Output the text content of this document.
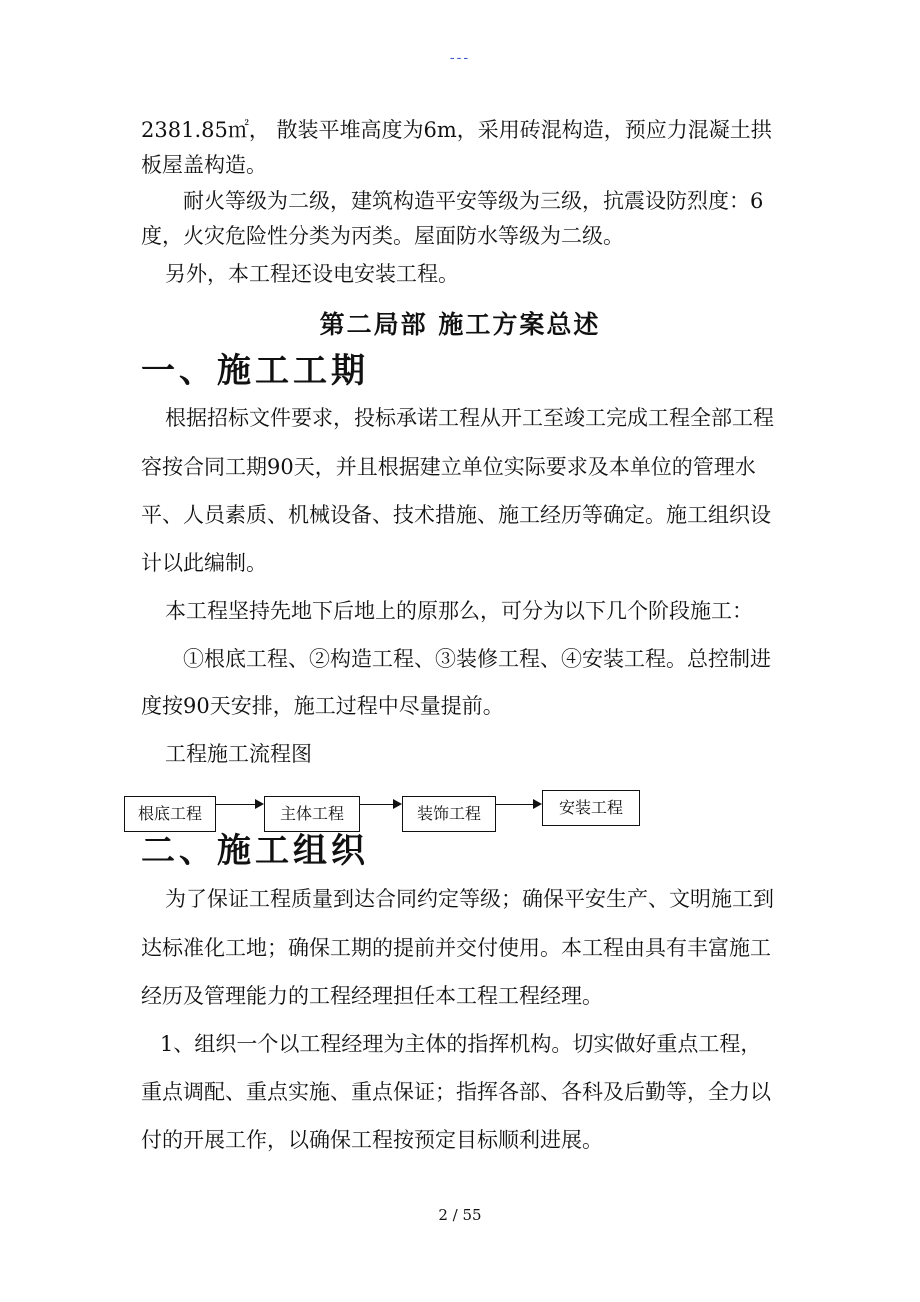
---
2381.85㎡， 散装平堆高度为6m，采用砖混构造，预应力混凝土拱
板屋盖构造。
耐火等级为二级，建筑构造平安等级为三级，抗震设防烈度：6
度，火灾危险性分类为丙类。屋面防水等级为二级。
另外，本工程还设电安装工程。
第二局部 施工方案总述
一、施工工期
根据招标文件要求，投标承诺工程从开工至竣工完成工程全部工程
容按合同工期90天，并且根据建立单位实际要求及本单位的管理水
平、人员素质、机械设备、技术措施、施工经历等确定。施工组织设
计以此编制。
本工程坚持先地下后地上的原那么，可分为以下几个阶段施工：
①根底工程、②构造工程、③装修工程、④安装工程。总控制进
度按90天安排，施工过程中尽量提前。
工程施工流程图
根底工程	主体工程	装饰工程	安装工程
二、施工组织
为了保证工程质量到达合同约定等级；确保平安生产、文明施工到
达标准化工地；确保工期的提前并交付使用。本工程由具有丰富施工
经历及管理能力的工程经理担任本工程工程经理。
1、组织一个以工程经理为主体的指挥机构。切实做好重点工程，
重点调配、重点实施、重点保证；指挥各部、各科及后勤等，全力以
付的开展工作，以确保工程按预定目标顺利进展。
2 / 55
